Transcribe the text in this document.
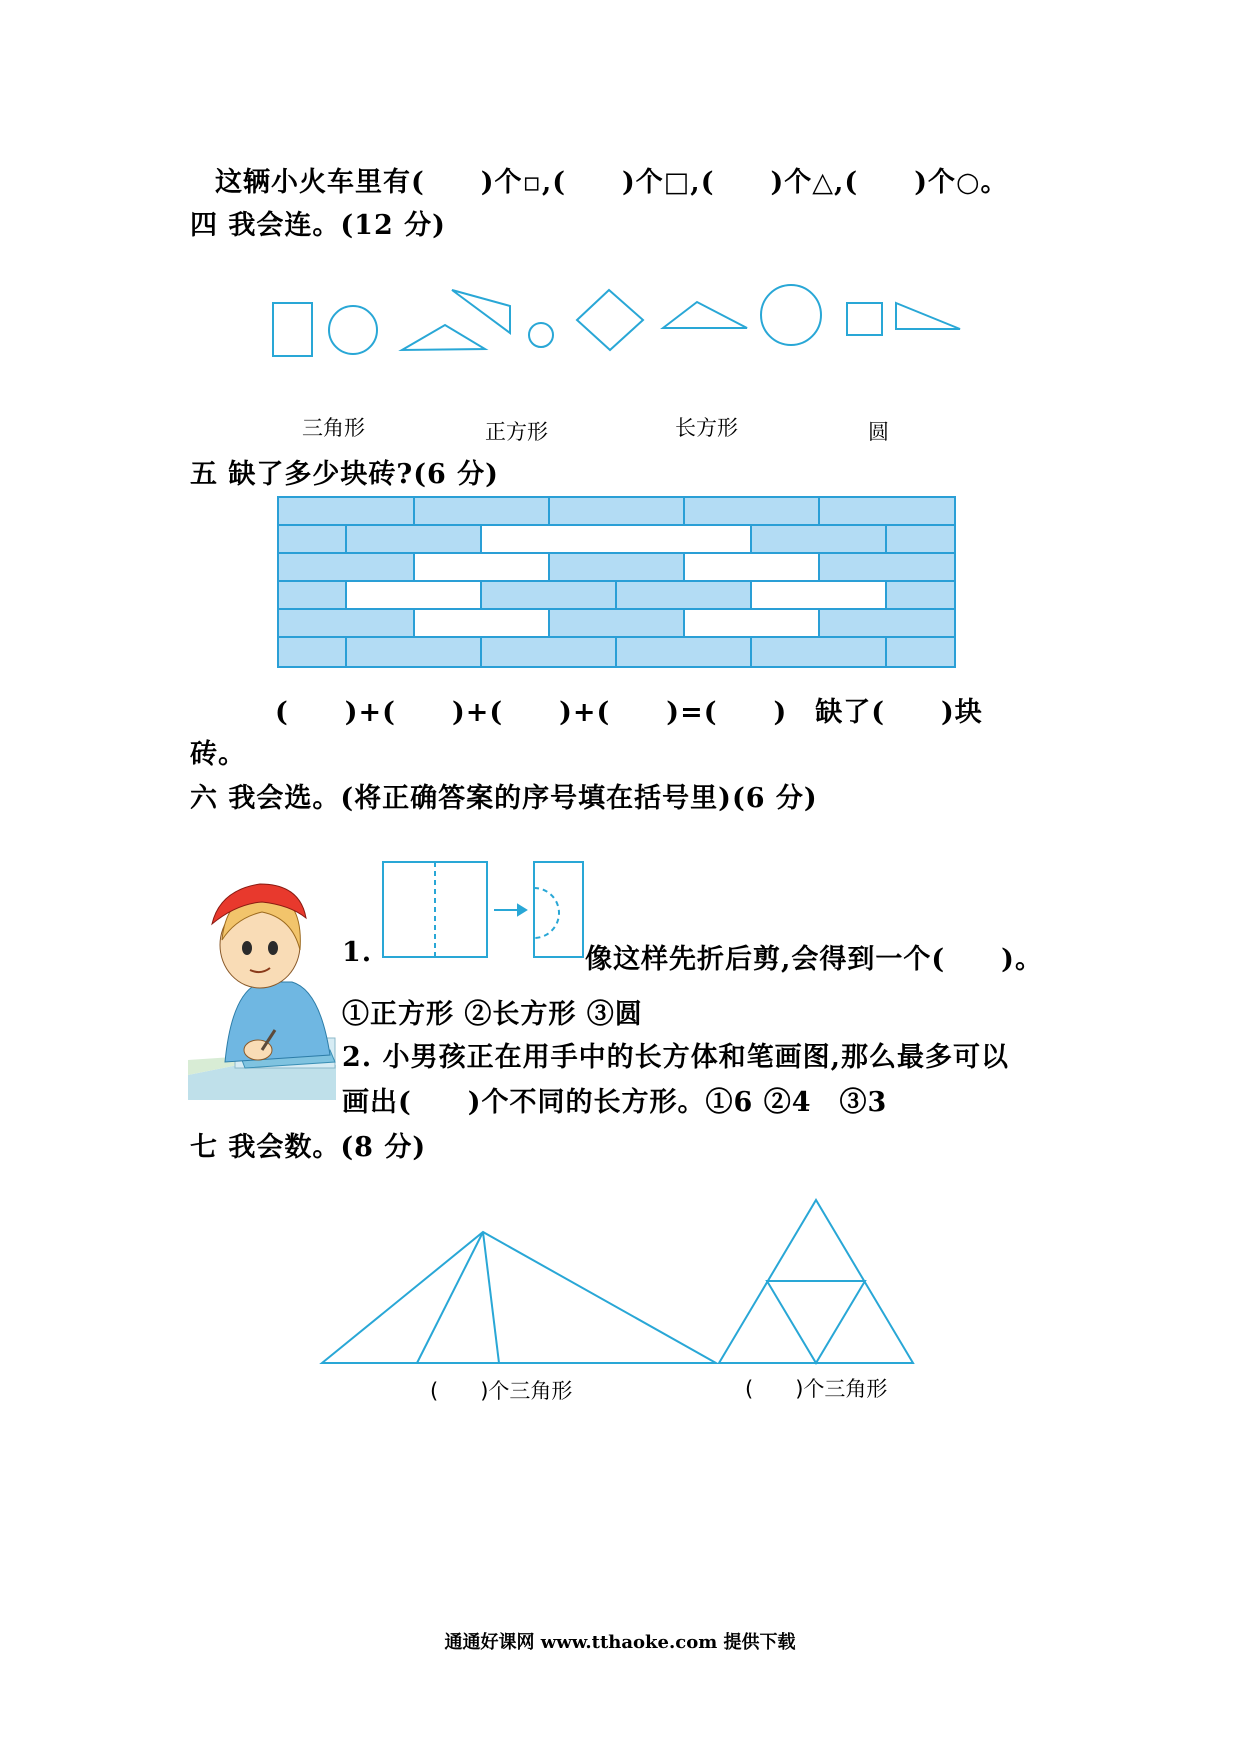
这辆小火车里有(　　)个▫,(　　)个□,(　　)个△,(　　)个○。
四 我会连。(12 分)
三角形	正方形	长方形	圆
五 缺了多少块砖?(6 分)
(　　)+(　　)+(　　)+(　　)=(　　)　缺了(　　)块
砖。
六 我会选。(将正确答案的序号填在括号里)(6 分)
1.	像这样先折后剪,会得到一个(　　)。
①正方形 ②长方形 ③圆
2. 小男孩正在用手中的长方体和笔画图,那么最多可以
画出(　　)个不同的长方形。①6 ②4　③3
七 我会数。(8 分)
(　　)个三角形	(　　)个三角形
通通好课网 www.tthaoke.com 提供下载
